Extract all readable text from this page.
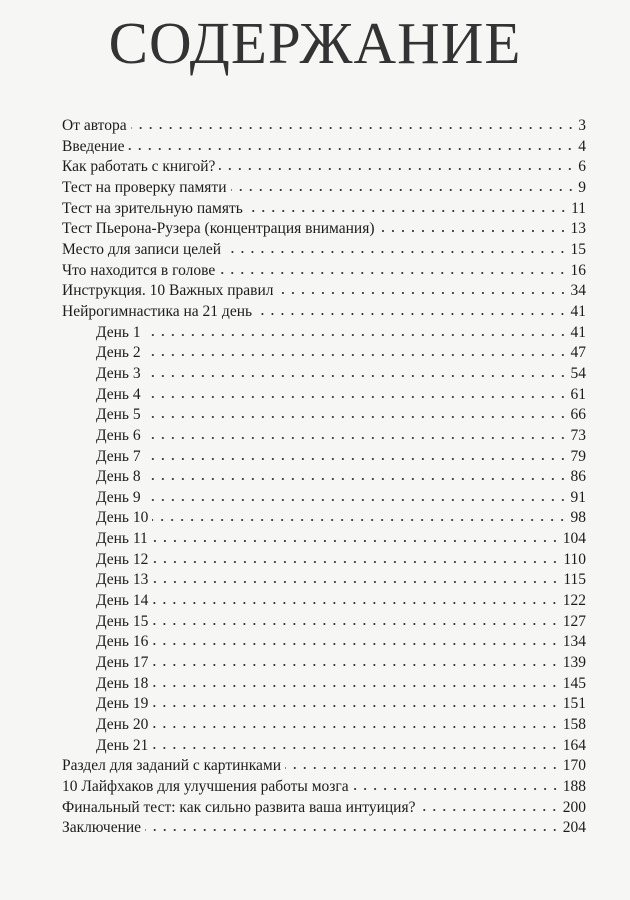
СОДЕРЖАНИЕ
От автора	3
Введение	4
Как работать с книгой?	6
Тест на проверку памяти	9
Тест на зрительную память	11
Тест Пьерона-Рузера (концентрация внимания)	13
Место для записи целей	15
Что находится в голове	16
Инструкция. 10 Важных правил	34
Нейрогимнастика на 21 день	41
День 1	41
День 2	47
День 3	54
День 4	61
День 5	66
День 6	73
День 7	79
День 8	86
День 9	91
День 10	98
День 11	104
День 12	110
День 13	115
День 14	122
День 15	127
День 16	134
День 17	139
День 18	145
День 19	151
День 20	158
День 21	164
Раздел для заданий с картинками	170
10 Лайфхаков для улучшения работы мозга	188
Финальный тест: как сильно развита ваша интуиция?	200
Заключение	204
